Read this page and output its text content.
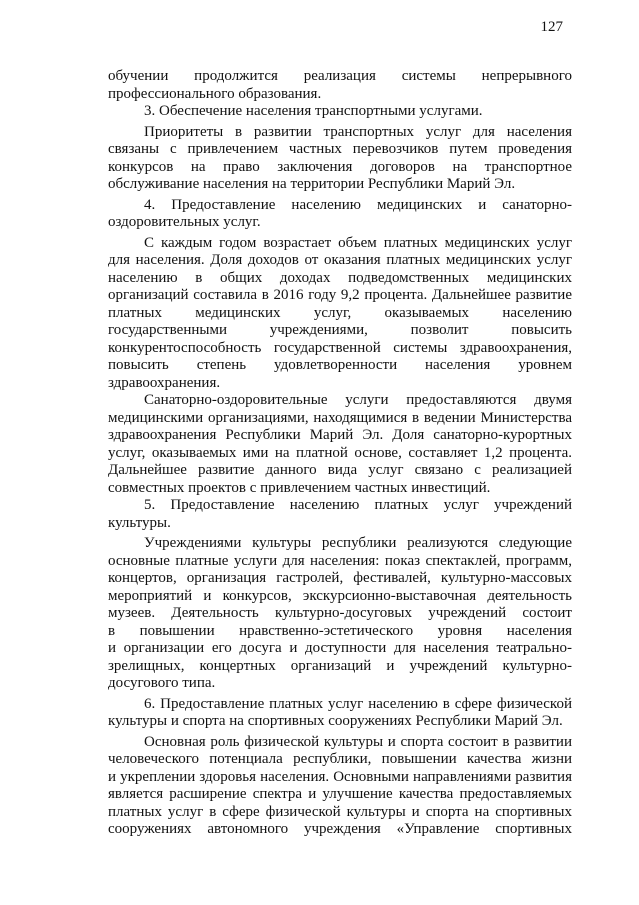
127

обучении продолжится реализация системы непрерывного

профессионального образования.

3. Обеспечение населения транспортными услугами.

Приоритеты в развитии транспортных услуг для населения

связаны с привлечением частных перевозчиков путем проведения

конкурсов на право заключения договоров на транспортное

обслуживание населения на территории Республики Марий Эл.

4. Предоставление населению медицинских и санаторно-

оздоровительных услуг.

С каждым годом возрастает объем платных медицинских услуг

для населения. Доля доходов от оказания платных медицинских услуг

населению в общих доходах подведомственных медицинских

организаций составила в 2016 году 9,2 процента. Дальнейшее развитие

платных медицинских услуг, оказываемых населению

государственными учреждениями, позволит повысить

конкурентоспособность государственной системы здравоохранения,

повысить степень удовлетворенности населения уровнем

здравоохранения.

Санаторно-оздоровительные услуги предоставляются двумя

медицинскими организациями, находящимися в ведении Министерства

здравоохранения Республики Марий Эл. Доля санаторно-курортных

услуг, оказываемых ими на платной основе, составляет 1,2 процента.

Дальнейшее развитие данного вида услуг связано с реализацией

совместных проектов с привлечением частных инвестиций.

5. Предоставление населению платных услуг учреждений

культуры.

Учреждениями культуры республики реализуются следующие

основные платные услуги для населения: показ спектаклей, программ,

концертов, организация гастролей, фестивалей, культурно-массовых

мероприятий и конкурсов, экскурсионно-выставочная деятельность

музеев. Деятельность культурно-досуговых учреждений состоит

в повышении нравственно-эстетического уровня населения

и организации его досуга и доступности для населения театрально-

зрелищных, концертных организаций и учреждений культурно-

досугового типа.

6. Предоставление платных услуг населению в сфере физической

культуры и спорта на спортивных сооружениях Республики Марий Эл.

Основная роль физической культуры и спорта состоит в развитии

человеческого потенциала республики, повышении качества жизни

и укреплении здоровья населения. Основными направлениями развития

является расширение спектра и улучшение качества предоставляемых

платных услуг в сфере физической культуры и спорта на спортивных

сооружениях автономного учреждения «Управление спортивных
